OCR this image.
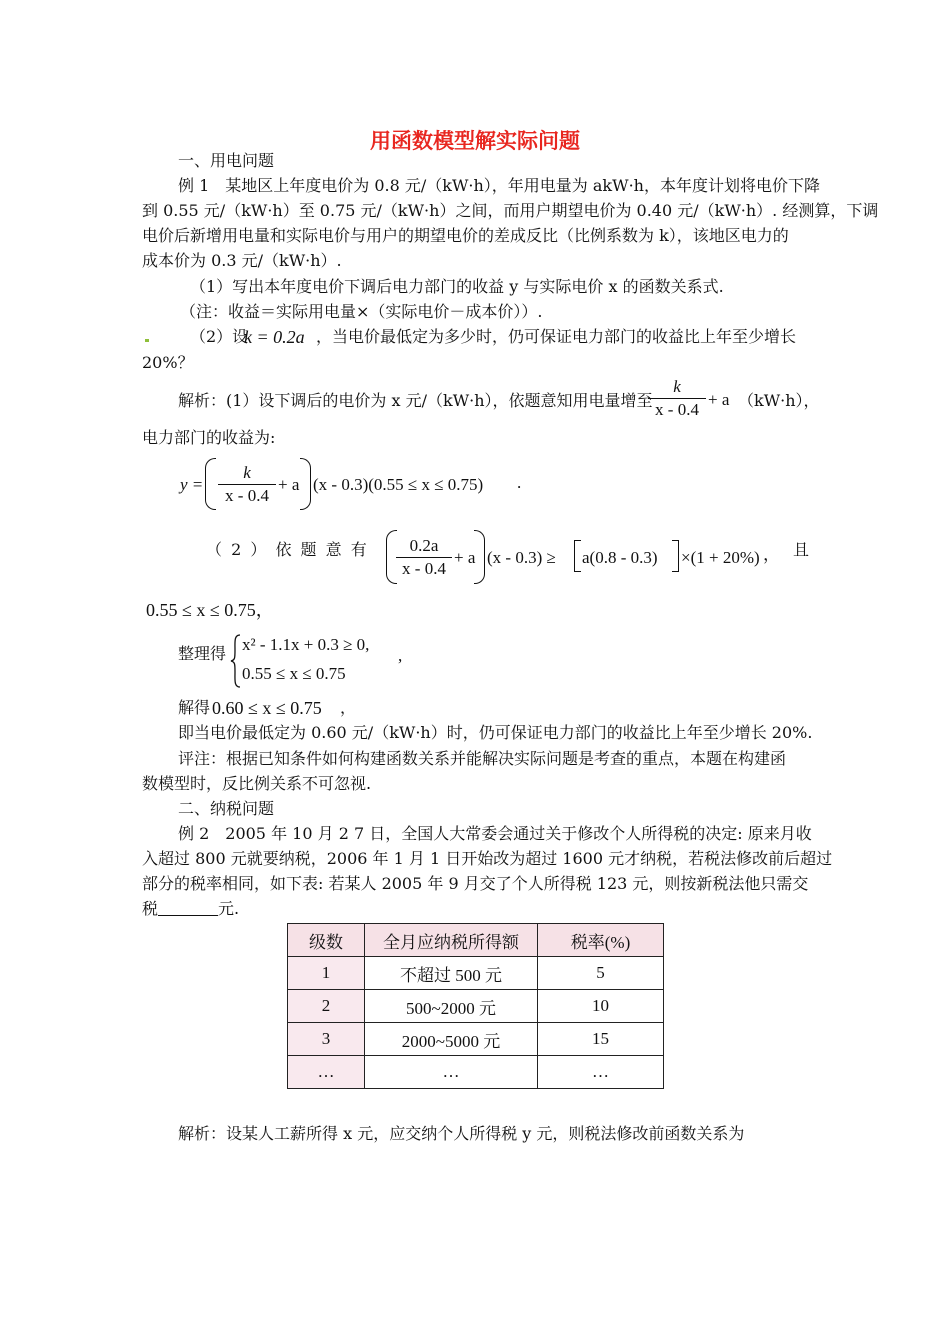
用函数模型解实际问题
一、用电问题
例 1　某地区上年度电价为 0.8 元/（kW·h），年用电量为 akW·h，本年度计划将电价下降
到 0.55 元/（kW·h）至 0.75 元/（kW·h）之间，而用户期望电价为 0.40 元/（kW·h）. 经测算，下调
电价后新增用电量和实际电价与用户的期望电价的差成反比（比例系数为 k），该地区电力的
成本价为 0.3 元/（kW·h）.
（1）写出本年度电价下调后电力部门的收益 y 与实际电价 x 的函数关系式.
（注：收益＝实际用电量×（实际电价－成本价））.
（2）设
k = 0.2a ，当电价最低定为多少时，仍可保证电力部门的收益比上年至少增长
20%？
解析：(1）设下调后的电价为 x 元/（kW·h），依题意知用电量增至
k
x - 0.4
+ a （kW·h），
电力部门的收益为:
y =
k
x - 0.4
+ a (x - 0.3)(0.55 ≤ x ≤ 0.75) .
（ 2 ） 依 题 意 有	0.2a
x - 0.4
+ a (x - 0.3) ≥ a(0.8 - 0.3) ×(1 + 20%) ， 且
0.55 ≤ x ≤ 0.75，
整理得 x² - 1.1x + 0.3 ≥ 0,
0.55 ≤ x ≤ 0.75
,
解得 0.60 ≤ x ≤ 0.75 ，
即当电价最低定为 0.60 元/（kW·h）时，仍可保证电力部门的收益比上年至少增长 20%.
评注：根据已知条件如何构建函数关系并能解决实际问题是考查的重点，本题在构建函
数模型时，反比例关系不可忽视.
二、纳税问题
例 2　2005 年 10 月 2 7 日，全国人大常委会通过关于修改个人所得税的决定: 原来月收
入超过 800 元就要纳税，2006 年 1 月 1 日开始改为超过 1600 元才纳税，若税法修改前后超过
部分的税率相同，如下表: 若某人 2005 年 9 月交了个人所得税 123 元，则按新税法他只需交
税	元.
级数	全月应纳税所得额	税率(%)
1	不超过 500 元	5
2	500~2000 元	10
3	2000~5000 元	15
…	…	…
解析：设某人工薪所得 x 元，应交纳个人所得税 y 元，则税法修改前函数关系为
